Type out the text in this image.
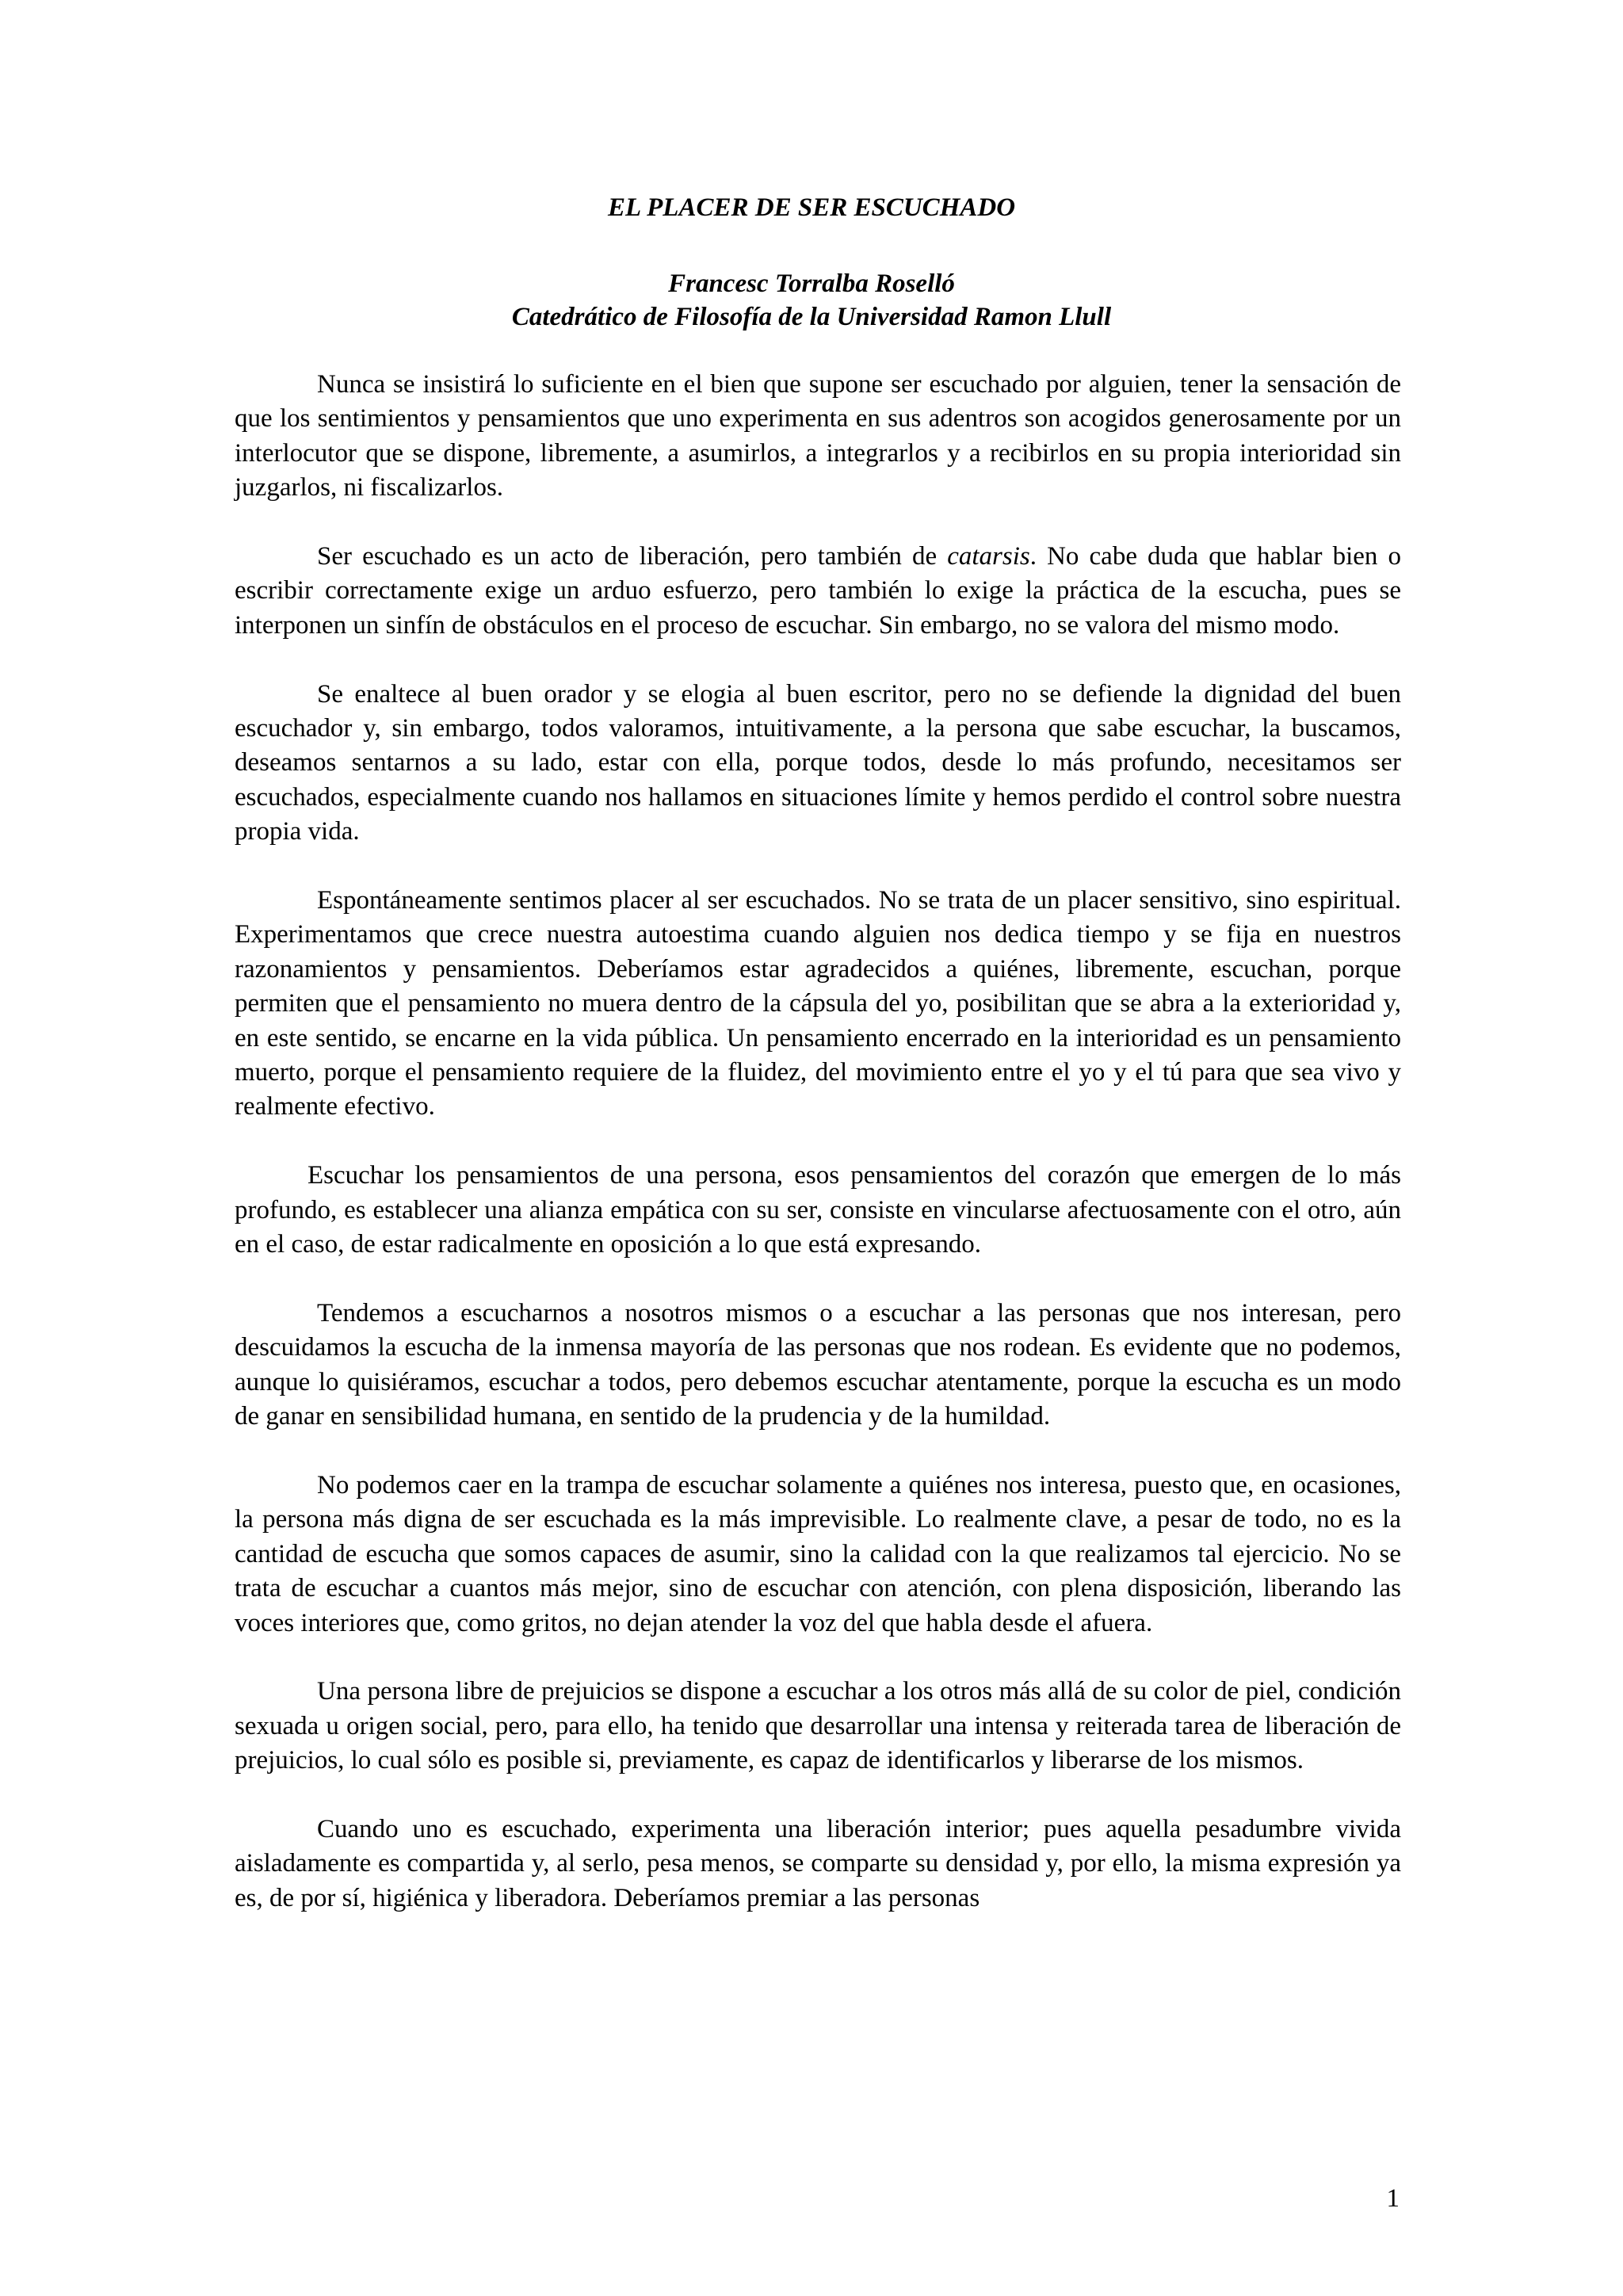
EL PLACER DE SER ESCUCHADO
Francesc Torralba Roselló
Catedrático de Filosofía de la Universidad Ramon Llull

Nunca se insistirá lo suficiente en el bien que supone ser escuchado por alguien, tener la sensación de que los sentimientos y pensamientos que uno experimenta en sus adentros son acogidos generosamente por un interlocutor que se dispone, libremente, a asumirlos, a integrarlos y a recibirlos en su propia interioridad sin juzgarlos, ni fiscalizarlos.

Ser escuchado es un acto de liberación, pero también de catarsis. No cabe duda que hablar bien o escribir correctamente exige un arduo esfuerzo, pero también lo exige la práctica de la escucha, pues se interponen un sinfín de obstáculos en el proceso de escuchar. Sin embargo, no se valora del mismo modo.

Se enaltece al buen orador y se elogia al buen escritor, pero no se defiende la dignidad del buen escuchador y, sin embargo, todos valoramos, intuitivamente, a la persona que sabe escuchar, la buscamos, deseamos sentarnos a su lado, estar con ella, porque todos, desde lo más profundo, necesitamos ser escuchados, especialmente cuando nos hallamos en situaciones límite y hemos perdido el control sobre nuestra propia vida.

Espontáneamente sentimos placer al ser escuchados. No se trata de un placer sensitivo, sino espiritual. Experimentamos que crece nuestra autoestima cuando alguien nos dedica tiempo y se fija en nuestros razonamientos y pensamientos. Deberíamos estar agradecidos a quiénes, libremente, escuchan, porque permiten que el pensamiento no muera dentro de la cápsula del yo, posibilitan que se abra a la exterioridad y, en este sentido, se encarne en la vida pública. Un pensamiento encerrado en la interioridad es un pensamiento muerto, porque el pensamiento requiere de la fluidez, del movimiento entre el yo y el tú para que sea vivo y realmente efectivo.

Escuchar los pensamientos de una persona, esos pensamientos del corazón que emergen de lo más profundo, es establecer una alianza empática con su ser, consiste en vincularse afectuosamente con el otro, aún en el caso, de estar radicalmente en oposición a lo que está expresando.

Tendemos a escucharnos a nosotros mismos o a escuchar a las personas que nos interesan, pero descuidamos la escucha de la inmensa mayoría de las personas que nos rodean. Es evidente que no podemos, aunque lo quisiéramos, escuchar a todos, pero debemos escuchar atentamente, porque la escucha es un modo de ganar en sensibilidad humana, en sentido de la prudencia y de la humildad.

No podemos caer en la trampa de escuchar solamente a quiénes nos interesa, puesto que, en ocasiones, la persona más digna de ser escuchada es la más imprevisible. Lo realmente clave, a pesar de todo, no es la cantidad de escucha que somos capaces de asumir, sino la calidad con la que realizamos tal ejercicio. No se trata de escuchar a cuantos más mejor, sino de escuchar con atención, con plena disposición, liberando las voces interiores que, como gritos, no dejan atender la voz del que habla desde el afuera.

Una persona libre de prejuicios se dispone a escuchar a los otros más allá de su color de piel, condición sexuada u origen social, pero, para ello, ha tenido que desarrollar una intensa y reiterada tarea de liberación de prejuicios, lo cual sólo es posible si, previamente, es capaz de identificarlos y liberarse de los mismos.

Cuando uno es escuchado, experimenta una liberación interior; pues aquella pesadumbre vivida aisladamente es compartida y, al serlo, pesa menos, se comparte su densidad y, por ello, la misma expresión ya es, de por sí, higiénica y liberadora. Deberíamos premiar a las personas

1
